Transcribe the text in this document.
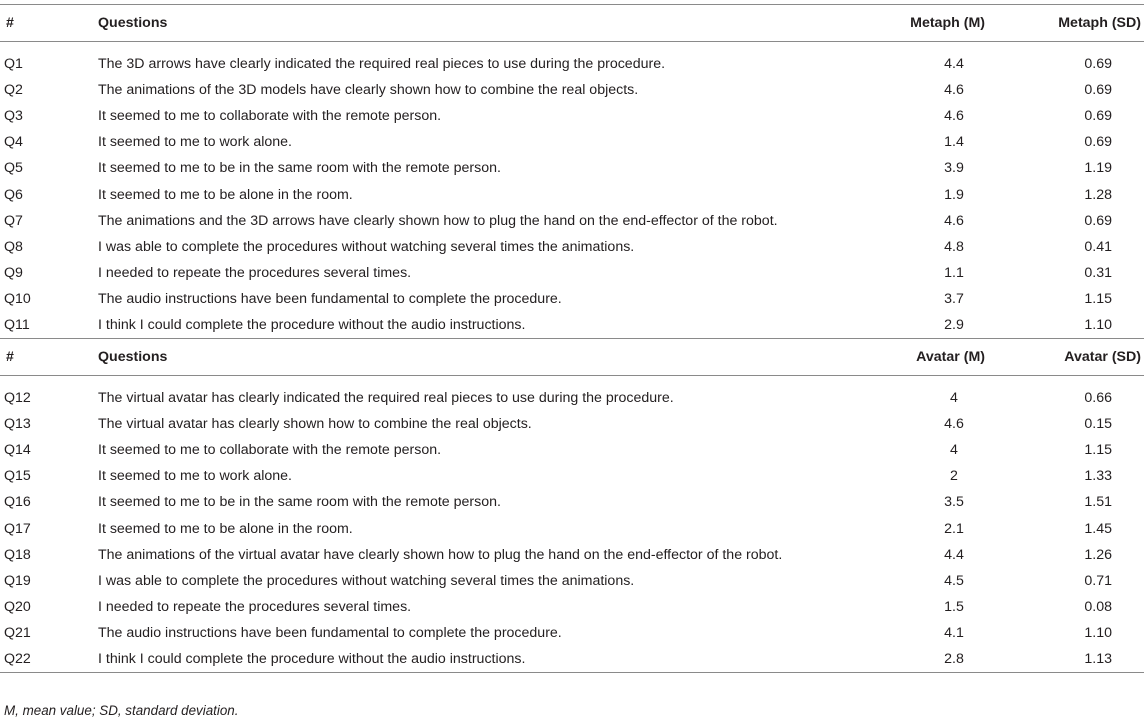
#	Questions	Metaph (M)	Metaph (SD)

Q1	The 3D arrows have clearly indicated the required real pieces to use during the procedure.	4.4	0.69
Q2	The animations of the 3D models have clearly shown how to combine the real objects.	4.6	0.69
Q3	It seemed to me to collaborate with the remote person.	4.6	0.69
Q4	It seemed to me to work alone.	1.4	0.69
Q5	It seemed to me to be in the same room with the remote person.	3.9	1.19
Q6	It seemed to me to be alone in the room.	1.9	1.28
Q7	The animations and the 3D arrows have clearly shown how to plug the hand on the end-effector of the robot.	4.6	0.69
Q8	I was able to complete the procedures without watching several times the animations.	4.8	0.41
Q9	I needed to repeate the procedures several times.	1.1	0.31
Q10	The audio instructions have been fundamental to complete the procedure.	3.7	1.15
Q11	I think I could complete the procedure without the audio instructions.	2.9	1.10
#	Questions	Avatar (M)	Avatar (SD)

Q12	The virtual avatar has clearly indicated the required real pieces to use during the procedure.	4	0.66
Q13	The virtual avatar has clearly shown how to combine the real objects.	4.6	0.15
Q14	It seemed to me to collaborate with the remote person.	4	1.15
Q15	It seemed to me to work alone.	2	1.33
Q16	It seemed to me to be in the same room with the remote person.	3.5	1.51
Q17	It seemed to me to be alone in the room.	2.1	1.45
Q18	The animations of the virtual avatar have clearly shown how to plug the hand on the end-effector of the robot.	4.4	1.26
Q19	I was able to complete the procedures without watching several times the animations.	4.5	0.71
Q20	I needed to repeate the procedures several times.	1.5	0.08
Q21	The audio instructions have been fundamental to complete the procedure.	4.1	1.10
Q22	I think I could complete the procedure without the audio instructions.	2.8	1.13
M, mean value; SD, standard deviation.
